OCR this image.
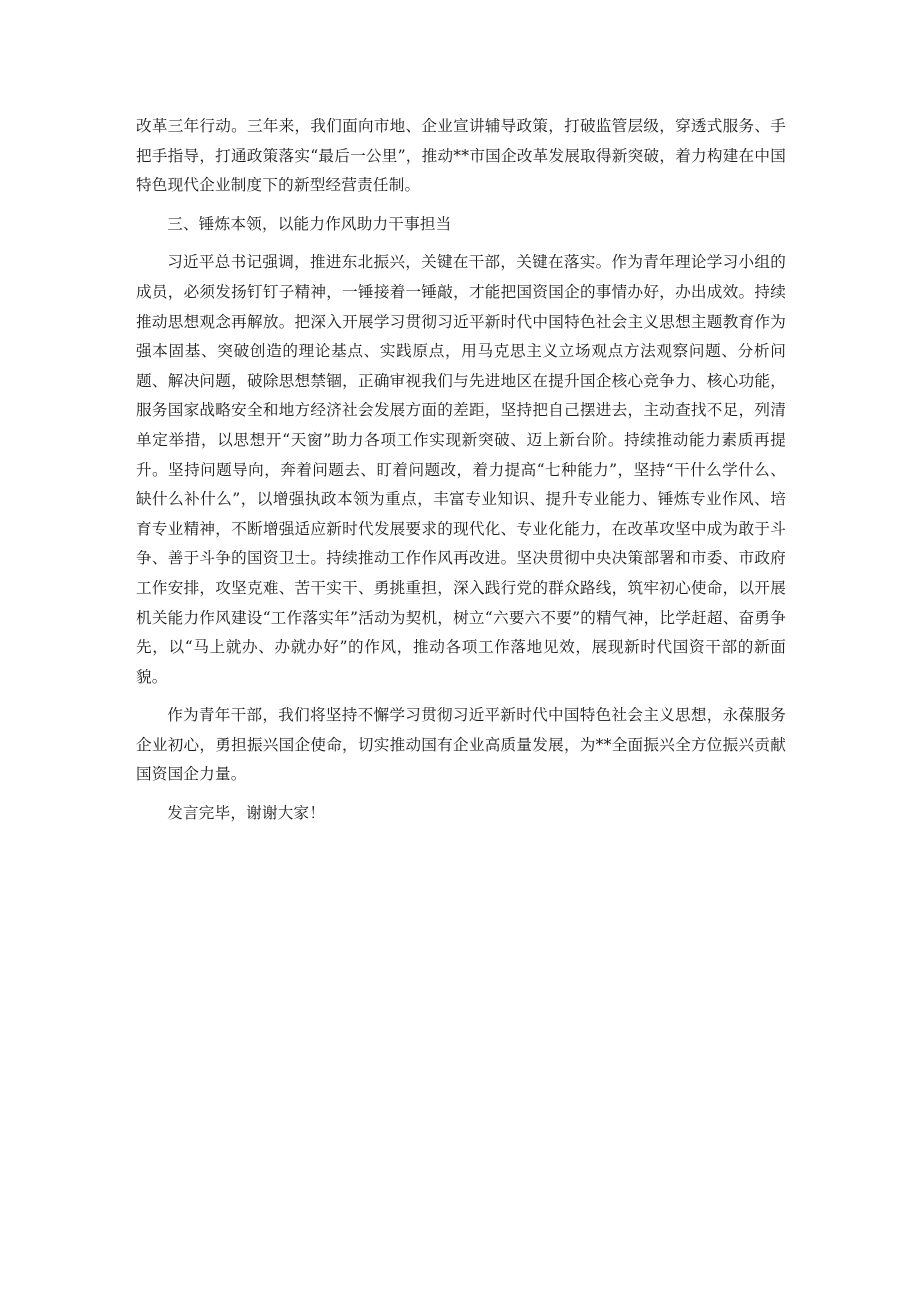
改革三年行动。三年来，我们面向市地、企业宣讲辅导政策，打破监管层级，穿透式服务、手把手指导，打通政策落实“最后一公里”，推动**市国企改革发展取得新突破，着力构建在中国特色现代企业制度下的新型经营责任制。

三、锤炼本领，以能力作风助力干事担当

习近平总书记强调，推进东北振兴，关键在干部，关键在落实。作为青年理论学习小组的成员，必须发扬钉钉子精神，一锤接着一锤敲，才能把国资国企的事情办好，办出成效。持续推动思想观念再解放。把深入开展学习贯彻习近平新时代中国特色社会主义思想主题教育作为强本固基、突破创造的理论基点、实践原点，用马克思主义立场观点方法观察问题、分析问题、解决问题，破除思想禁锢，正确审视我们与先进地区在提升国企核心竞争力、核心功能，服务国家战略安全和地方经济社会发展方面的差距，坚持把自己摆进去，主动查找不足，列清单定举措，以思想开“天窗”助力各项工作实现新突破、迈上新台阶。持续推动能力素质再提升。坚持问题导向，奔着问题去、盯着问题改，着力提高“七种能力”，坚持“干什么学什么、缺什么补什么”，以增强执政本领为重点，丰富专业知识、提升专业能力、锤炼专业作风、培育专业精神，不断增强适应新时代发展要求的现代化、专业化能力，在改革攻坚中成为敢于斗争、善于斗争的国资卫士。持续推动工作作风再改进。坚决贯彻中央决策部署和市委、市政府工作安排，攻坚克难、苦干实干、勇挑重担，深入践行党的群众路线，筑牢初心使命，以开展机关能力作风建设“工作落实年”活动为契机，树立“六要六不要”的精气神，比学赶超、奋勇争先，以“马上就办、办就办好”的作风，推动各项工作落地见效，展现新时代国资干部的新面貌。

作为青年干部，我们将坚持不懈学习贯彻习近平新时代中国特色社会主义思想，永葆服务企业初心，勇担振兴国企使命，切实推动国有企业高质量发展，为**全面振兴全方位振兴贡献国资国企力量。

发言完毕，谢谢大家！
